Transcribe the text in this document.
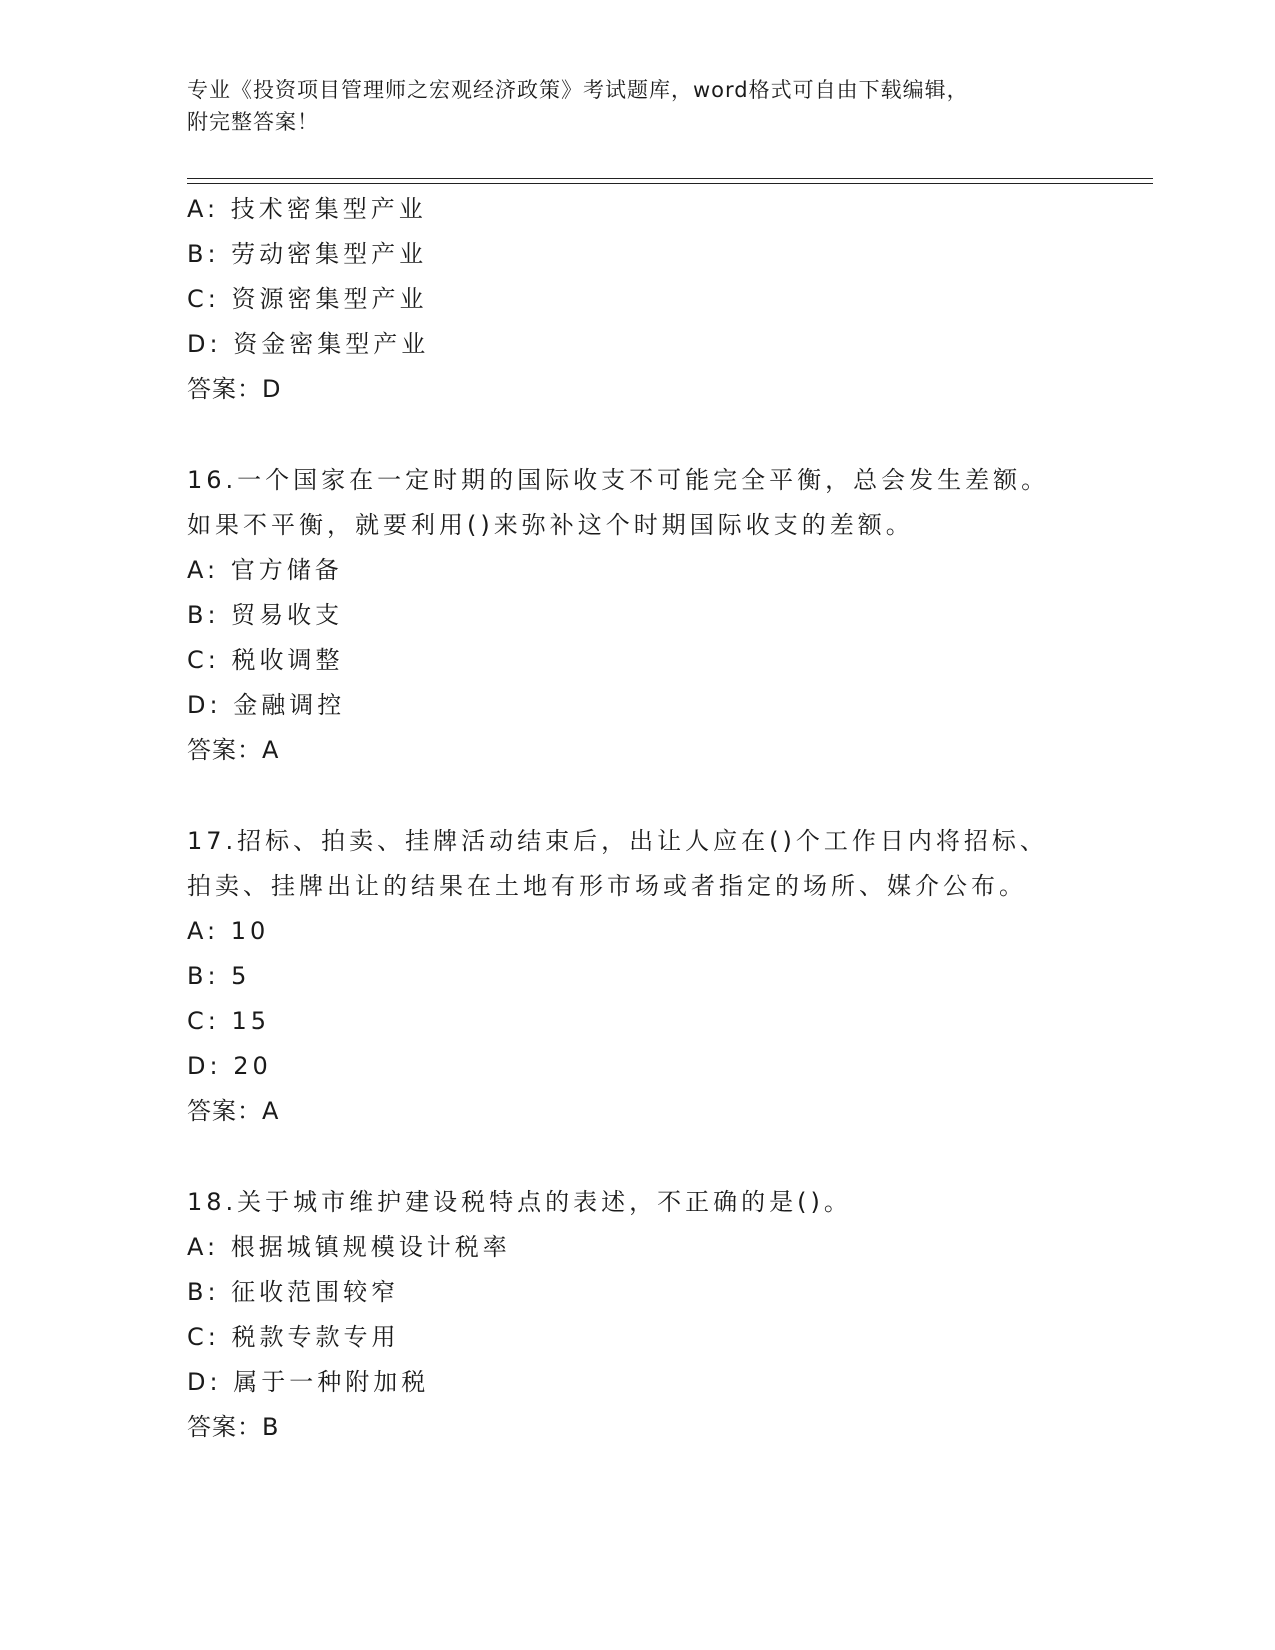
专业《投资项目管理师之宏观经济政策》考试题库，word格式可自由下载编辑，
附完整答案！
A: 技术密集型产业
B: 劳动密集型产业
C: 资源密集型产业
D: 资金密集型产业
答案：D
16.一个国家在一定时期的国际收支不可能完全平衡，总会发生差额。
如果不平衡，就要利用()来弥补这个时期国际收支的差额。
A: 官方储备
B: 贸易收支
C: 税收调整
D: 金融调控
答案：A
17.招标、拍卖、挂牌活动结束后，出让人应在()个工作日内将招标、
拍卖、挂牌出让的结果在土地有形市场或者指定的场所、媒介公布。
A: 10
B: 5
C: 15
D: 20
答案：A
18.关于城市维护建设税特点的表述，不正确的是()。
A: 根据城镇规模设计税率
B: 征收范围较窄
C: 税款专款专用
D: 属于一种附加税
答案：B
